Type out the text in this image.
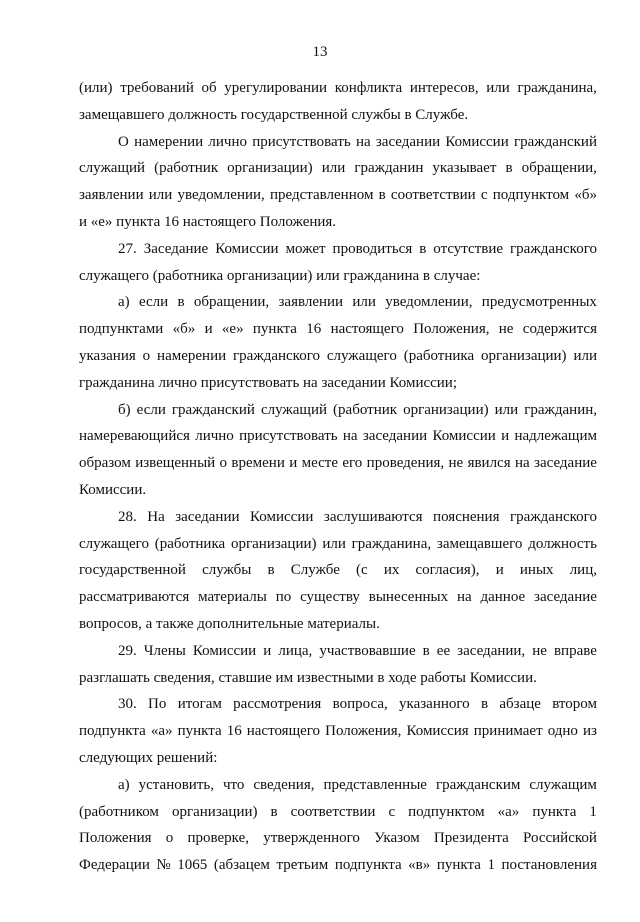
13
(или) требований об урегулировании конфликта интересов, или гражданина,
замещавшего должность государственной службы в Службе.
О намерении лично присутствовать на заседании Комиссии гражданский
служащий (работник организации) или гражданин указывает в обращении,
заявлении или уведомлении, представленном в соответствии с подпунктом «б»
и «е» пункта 16 настоящего Положения.
27. Заседание Комиссии может проводиться в отсутствие гражданского
служащего (работника организации) или гражданина в случае:
а) если в обращении, заявлении или уведомлении, предусмотренных
подпунктами «б» и «е» пункта 16 настоящего Положения, не содержится
указания о намерении гражданского служащего (работника организации) или
гражданина лично присутствовать на заседании Комиссии;
б) если гражданский служащий (работник организации) или гражданин,
намеревающийся лично присутствовать на заседании Комиссии и надлежащим
образом извещенный о времени и месте его проведения, не явился на заседание
Комиссии.
28. На заседании Комиссии заслушиваются пояснения гражданского
служащего (работника организации) или гражданина, замещавшего должность
государственной службы в Службе (с их согласия), и иных лиц,
рассматриваются материалы по существу вынесенных на данное заседание
вопросов, а также дополнительные материалы.
29. Члены Комиссии и лица, участвовавшие в ее заседании, не вправе
разглашать сведения, ставшие им известными в ходе работы Комиссии.
30. По итогам рассмотрения вопроса, указанного в абзаце втором
подпункта «а» пункта 16 настоящего Положения, Комиссия принимает одно из
следующих решений:
а) установить, что сведения, представленные гражданским служащим
(работником организации) в соответствии с подпунктом «а» пункта 1
Положения о проверке, утвержденного Указом Президента Российской
Федерации № 1065 (абзацем третьим подпункта «в» пункта 1 постановления
